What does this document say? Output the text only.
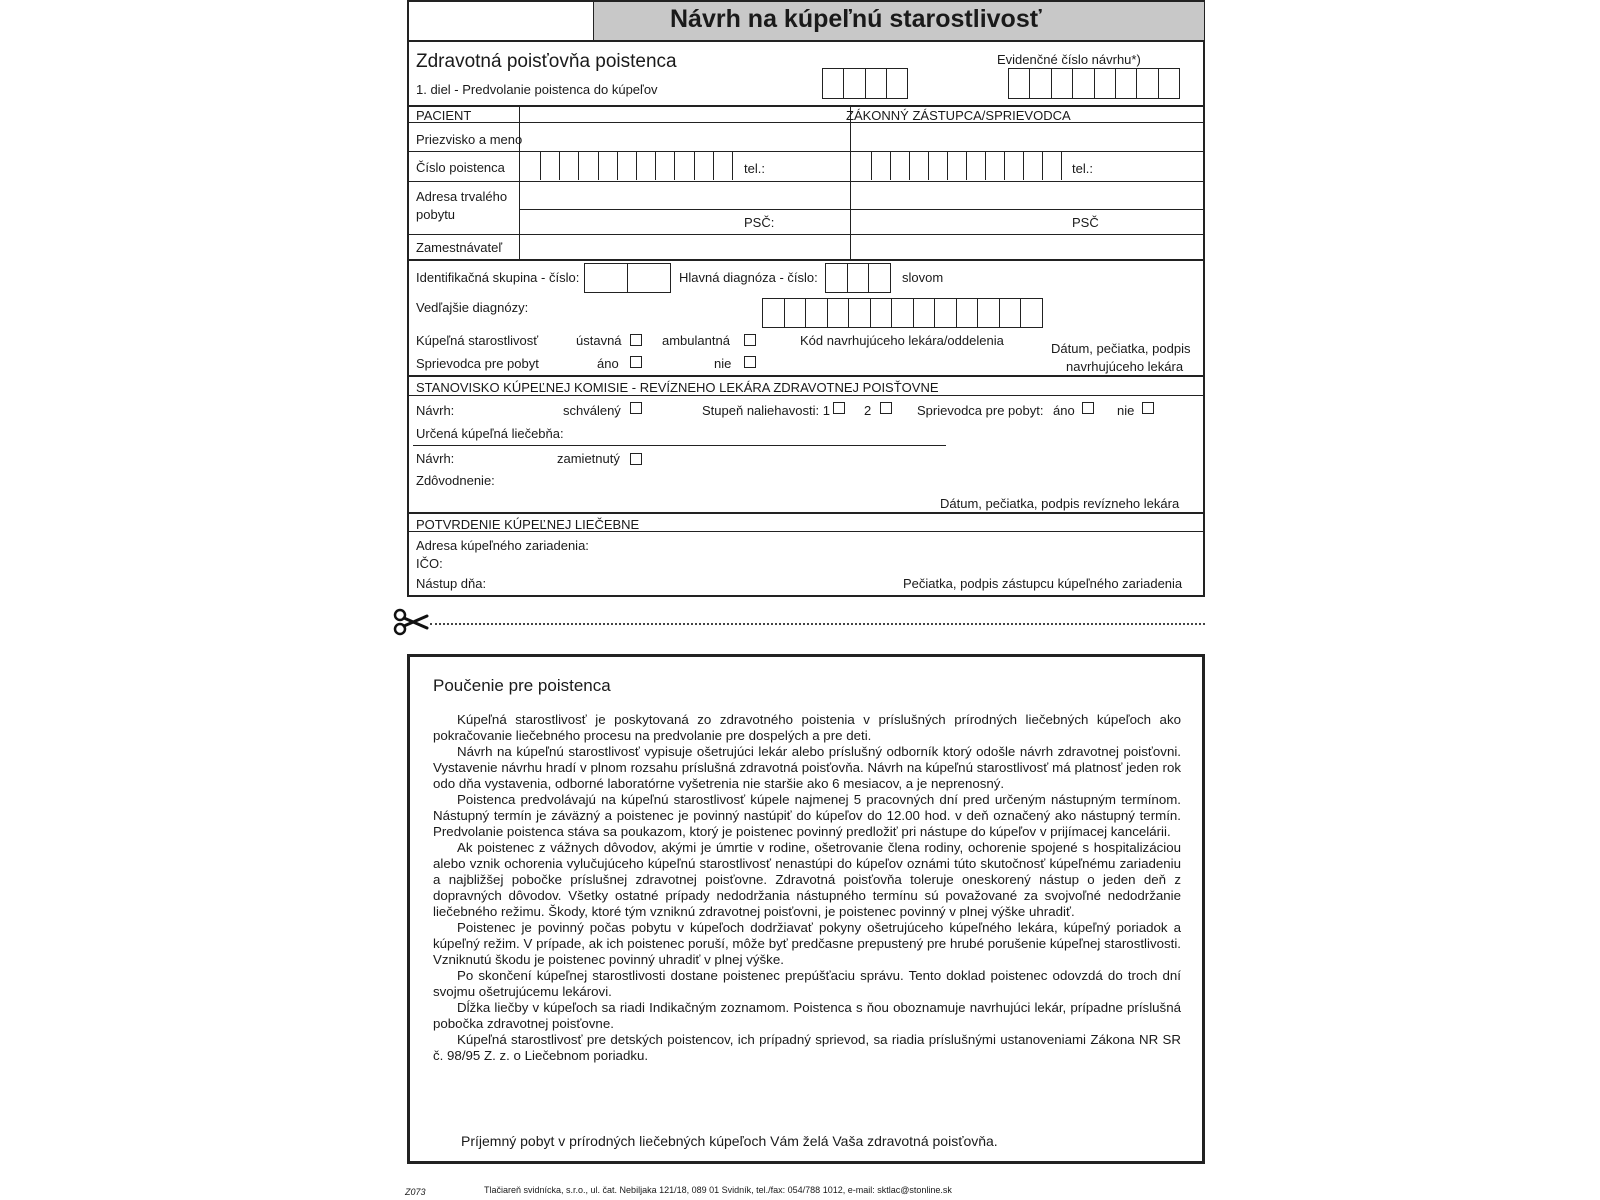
Návrh na kúpeľnú starostlivosť
Zdravotná poisťovňa poistenca
1. diel - Predvolanie poistenca do kúpeľov
Evidenčné číslo návrhu*)
PACIENT	ZÁKONNÝ ZÁSTUPCA/SPRIEVODCA
Priezvisko a meno
Číslo poistenca	tel.:	tel.:
Adresa trvalého
pobytu
PSČ:	PSČ
Zamestnávateľ
Identifikačná skupina - číslo:	Hlavná diagnóza - číslo:	slovom
Vedľajšie diagnózy:
Kúpeľná starostlivosť	ústavná	ambulantná	Kód navrhujúceho lekára/oddelenia
Sprievodca pre pobyt	áno	nie
Dátum, pečiatka, podpis
navrhujúceho lekára
STANOVISKO KÚPEĽNEJ KOMISIE - REVÍZNEHO LEKÁRA ZDRAVOTNEJ POISŤOVNE
Návrh:	schválený	Stupeň naliehavosti: 1	2	Sprievodca pre pobyt: áno	nie
Určená kúpeľná liečebňa:
Návrh:	zamietnutý
Zdôvodnenie:
Dátum, pečiatka, podpis revízneho lekára
POTVRDENIE KÚPEĽNEJ LIEČEBNE
Adresa kúpeľného zariadenia:
IČO:
Nástup dňa:	Pečiatka, podpis zástupcu kúpeľného zariadenia
Poučenie pre poistenca

Kúpeľná starostlivosť je poskytovaná zo zdravotného poistenia v príslušných prírodných liečebných kúpeľoch ako pokračovanie liečebného procesu na predvolanie pre dospelých a pre deti.

Návrh na kúpeľnú starostlivosť vypisuje ošetrujúci lekár alebo príslušný odborník ktorý odošle návrh zdravotnej poisťovni. Vystavenie návrhu hradí v plnom rozsahu príslušná zdravotná poisťovňa. Návrh na kúpeľnú starostlivosť má platnosť jeden rok odo dňa vystavenia, odborné laboratórne vyšetrenia nie staršie ako 6 mesiacov, a je neprenosný.

Poistenca predvolávajú na kúpeľnú starostlivosť kúpele najmenej 5 pracovných dní pred určeným nástupným termínom. Nástupný termín je záväzný a poistenec je povinný nastúpiť do kúpeľov do 12.00 hod. v deň označený ako nástupný termín. Predvolanie poistenca stáva sa poukazom, ktorý je poistenec povinný predložiť pri nástupe do kúpeľov v prijímacej kancelárii.

Ak poistenec z vážnych dôvodov, akými je úmrtie v rodine, ošetrovanie člena rodiny, ochorenie spojené s hospitalizáciou alebo vznik ochorenia vylučujúceho kúpeľnú starostlivosť nenastúpi do kúpeľov oznámi túto skutočnosť kúpeľnému zariadeniu a najbližšej pobočke príslušnej zdravotnej poisťovne. Zdravotná poisťovňa toleruje oneskorený nástup o jeden deň z dopravných dôvodov. Všetky ostatné prípady nedodržania nástupného termínu sú považované za svojvoľné nedodržanie liečebného režimu. Škody, ktoré tým vzniknú zdravotnej poisťovni, je poistenec povinný v plnej výške uhradiť.

Poistenec je povinný počas pobytu v kúpeľoch dodržiavať pokyny ošetrujúceho kúpeľného lekára, kúpeľný poriadok a kúpeľný režim. V prípade, ak ich poistenec poruší, môže byť predčasne prepustený pre hrubé porušenie kúpeľnej starostlivosti. Vzniknutú škodu je poistenec povinný uhradiť v plnej výške.

Po skončení kúpeľnej starostlivosti dostane poistenec prepúšťaciu správu. Tento doklad poistenec odovzdá do troch dní svojmu ošetrujúcemu lekárovi.

Dĺžka liečby v kúpeľoch sa riadi Indikačným zoznamom. Poistenca s ňou oboznamuje navrhujúci lekár, prípadne príslušná pobočka zdravotnej poisťovne.

Kúpeľná starostlivosť pre detských poistencov, ich prípadný sprievod, sa riadia príslušnými ustanoveniami Zákona NR SR č. 98/95 Z. z. o Liečebnom poriadku.

Príjemný pobyt v prírodných liečebných kúpeľoch Vám želá Vaša zdravotná poisťovňa.
Z073	Tlačiareň svidnícka, s.r.o., ul. čat. Nebiljaka 121/18, 089 01 Svidník, tel./fax: 054/788 1012, e-mail: sktlac@stonline.sk
